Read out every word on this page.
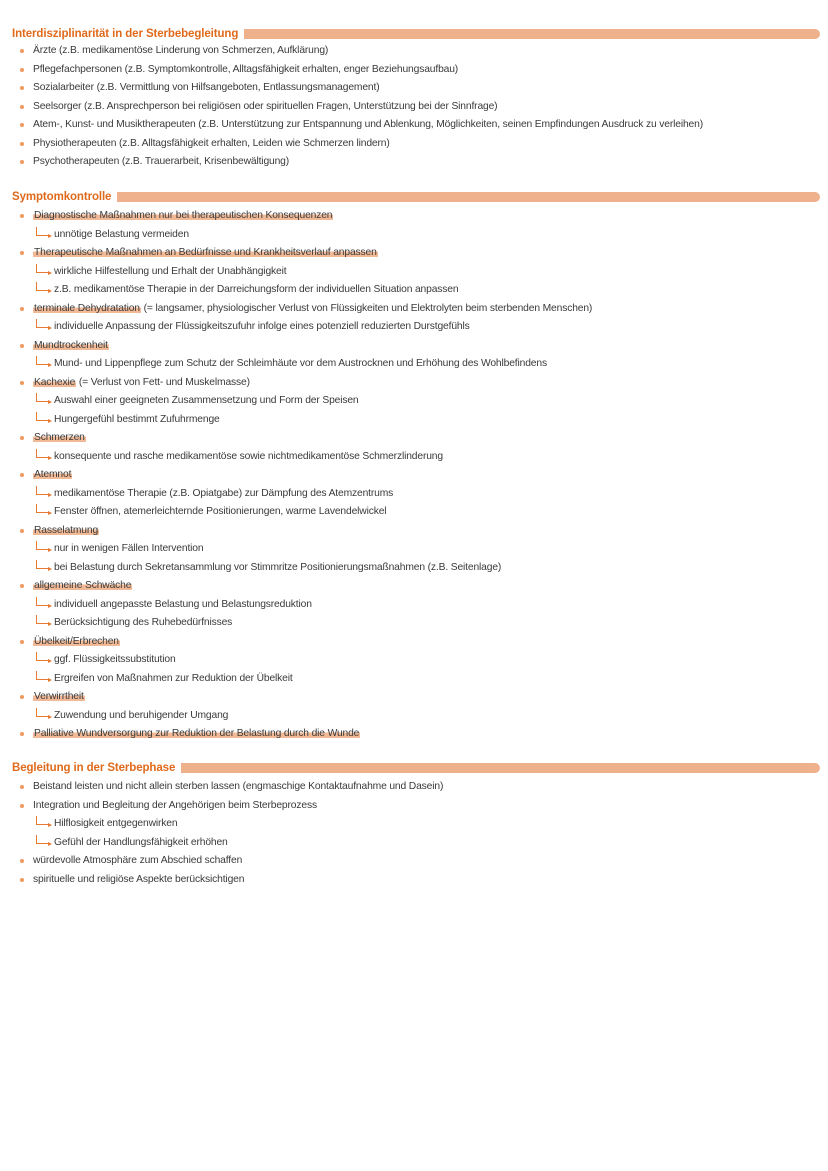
Interdisziplinarität in der Sterbebegleitung
Ärzte (z.B. medikamentöse Linderung von Schmerzen, Aufklärung)
Pflegefachpersonen (z.B. Symptomkontrolle, Alltagsfähigkeit erhalten, enger Beziehungsaufbau)
Sozialarbeiter (z.B. Vermittlung von Hilfsangeboten, Entlassungsmanagement)
Seelsorger (z.B. Ansprechperson bei religiösen oder spirituellen Fragen, Unterstützung bei der Sinnfrage)
Atem-, Kunst- und Musiktherapeuten (z.B. Unterstützung zur Entspannung und Ablenkung, Möglichkeiten, seinen Empfindungen Ausdruck zu verleihen)
Physiotherapeuten (z.B. Alltagsfähigkeit erhalten, Leiden wie Schmerzen lindern)
Psychotherapeuten (z.B. Trauerarbeit, Krisenbewältigung)
Symptomkontrolle
Diagnostische Maßnahmen nur bei therapeutischen Konsequenzen
unnötige Belastung vermeiden
Therapeutische Maßnahmen an Bedürfnisse und Krankheitsverlauf anpassen
wirkliche Hilfestellung und Erhalt der Unabhängigkeit
z.B. medikamentöse Therapie in der Darreichungsform der individuellen Situation anpassen
terminale Dehydratation (= langsamer, physiologischer Verlust von Flüssigkeiten und Elektrolyten beim sterbenden Menschen)
individuelle Anpassung der Flüssigkeitszufuhr infolge eines potenziell reduzierten Durstgefühls
Mundtrockenheit
Mund- und Lippenpflege zum Schutz der Schleimhäute vor dem Austrocknen und Erhöhung des Wohlbefindens
Kachexie (= Verlust von Fett- und Muskelmasse)
Auswahl einer geeigneten Zusammensetzung und Form der Speisen
Hungergefühl bestimmt Zufuhrmenge
Schmerzen
konsequente und rasche medikamentöse sowie nichtmedikamentöse Schmerzlinderung
Atemnot
medikamentöse Therapie (z.B. Opiatgabe) zur Dämpfung des Atemzentrums
Fenster öffnen, atemerleichternde Positionierungen, warme Lavendelwickel
Rasselatmung
nur in wenigen Fällen Intervention
bei Belastung durch Sekretansammlung vor Stimmritze Positionierungsmaßnahmen (z.B. Seitenlage)
allgemeine Schwäche
individuell angepasste Belastung und Belastungsreduktion
Berücksichtigung des Ruhebedürfnisses
Übelkeit/Erbrechen
ggf. Flüssigkeitssubstitution
Ergreifen von Maßnahmen zur Reduktion der Übelkeit
Verwirrtheit
Zuwendung und beruhigender Umgang
Palliative Wundversorgung zur Reduktion der Belastung durch die Wunde
Begleitung in der Sterbephase
Beistand leisten und nicht allein sterben lassen (engmaschige Kontaktaufnahme und Dasein)
Integration und Begleitung der Angehörigen beim Sterbeprozess
Hilflosigkeit entgegenwirken
Gefühl der Handlungsfähigkeit erhöhen
würdevolle Atmosphäre zum Abschied schaffen
spirituelle und religiöse Aspekte berücksichtigen
